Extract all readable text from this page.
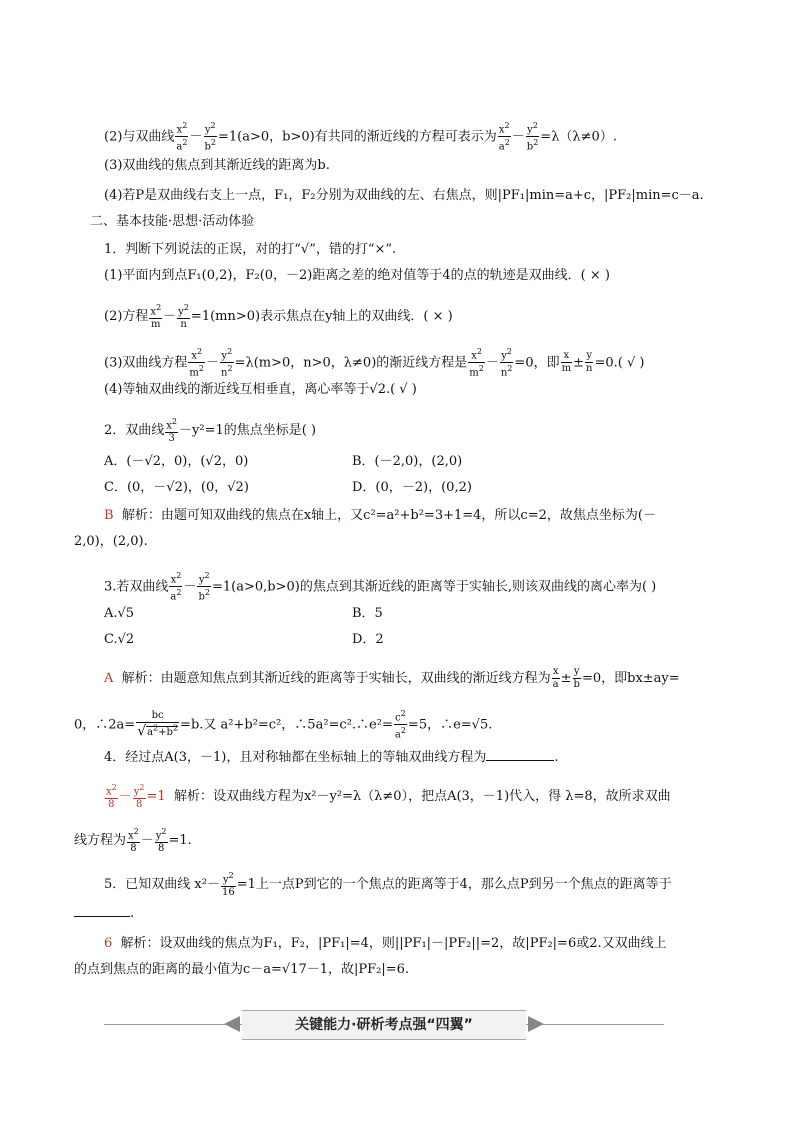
(2)与双曲线 $\frac{x^2}{a^2} - \frac{y^2}{b^2} =1(a>0$，b>0)有共同的渐近线的方程可表示为 $\frac{x^2}{a^2} - \frac{y^2}{b^2} =\lambda(\lambda\ne 0)$.
(3)双曲线的焦点到其渐近线的距离为b.
(4)若P是双曲线右支上一点，F₁，F₂分别为双曲线的左、右焦点，则|PF₁|min=a+c，|PF₂|min=c－a.
二、基本技能·思想·活动体验
1．判断下列说法的正误，对的打“√”，错的打“×”.
(1)平面内到点F₁(0,2)，F₂(0，－2)距离之差的绝对值等于4的点的轨迹是双曲线．( × )
(2)方程 $\frac{x^2}{m} - \frac{y^2}{n} =1(mn>0)$表示焦点在y轴上的双曲线．( × )
(3)双曲线方程 $\frac{x^2}{m^2} - \frac{y^2}{n^2} =\lambda(m>0$，n>0，λ≠0)的渐近线方程是 $\frac{x^2}{m^2} - \frac{y^2}{n^2} =0$，即 $\frac{x}{m} \pm \frac{y}{n} =0$.( √ )
(4)等轴双曲线的渐近线互相垂直，离心率等于√2.( √ )
2．双曲线 $\frac{x^2}{3} -y^2=1$的焦点坐标是( )
A．(－√2，0)，(√2，0)	B．(－2,0)，(2,0)
C．(0，－√2)，(0，√2)	D．(0，－2)，(0,2)
B 解析：由题可知双曲线的焦点在x轴上，又c²=a²+b²=3+1=4，所以c=2，故焦点坐标为(－
2,0)，(2,0).
3.若双曲线 $\frac{x^2}{a^2} - \frac{y^2}{b^2} =1(a>0,b>0)$的焦点到其渐近线的距离等于实轴长,则该双曲线的离心率为( )
A.√5	B．5
C.√2	D．2
A 解析：由题意知焦点到其渐近线的距离等于实轴长，双曲线的渐近线方程为 $\frac{x}{a} \pm \frac{y}{b} =0$，即bx±ay=
0，∴2a= $\frac{bc}{√a^2+b^2} =b$.又 a²+b²=c²，∴5a²=c².∴e²= $\frac{c^2}{a^2} =5$，∴e=√5.
4．经过点A(3，－1)，且对称轴都在坐标轴上的等轴双曲线方程为	.
$\frac{x^2}{8} - \frac{y^2}{8} =1$ 解析：设双曲线方程为x²－y²=λ（λ≠0），把点A(3，－1)代入，得 λ=8，故所求双曲
线方程为 $\frac{x^2}{8} - \frac{y^2}{8} =1$.
5．已知双曲线 $x^2- \frac{y^2}{16} =1$上一点P到它的一个焦点的距离等于4，那么点P到另一个焦点的距离等于
.
6 解析：设双曲线的焦点为F₁，F₂，|PF₁|=4，则||PF₁|－|PF₂||=2，故|PF₂|=6或2.又双曲线上
的点到焦点的距离的最小值为c－a=√17－1，故|PF₂|=6.
关键能力·研析考点强“四翼”
